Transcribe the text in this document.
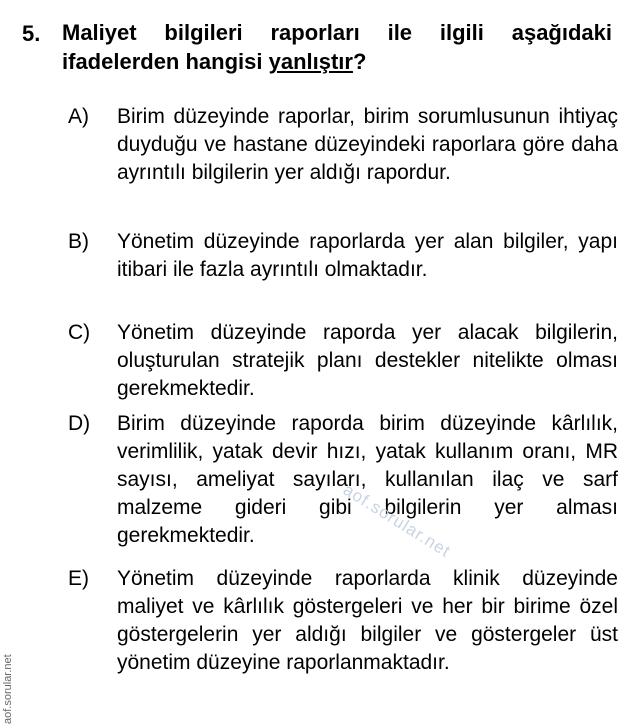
5. Maliyet bilgileri raporları ile ilgili aşağıdaki ifadelerden hangisi yanlıştır?
A) Birim düzeyinde raporlar, birim sorumlusunun ihtiyaç duyduğu ve hastane düzeyindeki raporlara göre daha ayrıntılı bilgilerin yer aldığı rapordur.
B) Yönetim düzeyinde raporlarda yer alan bilgiler, yapı itibari ile fazla ayrıntılı olmaktadır.
C) Yönetim düzeyinde raporda yer alacak bilgilerin, oluşturulan stratejik planı destekler nitelikte olması gerekmektedir.
D) Birim düzeyinde raporda birim düzeyinde kârlılık, verimlilik, yatak devir hızı, yatak kullanım oranı, MR sayısı, ameliyat sayıları, kullanılan ilaç ve sarf malzeme gideri gibi bilgilerin yer alması gerekmektedir.
E) Yönetim düzeyinde raporlarda klinik düzeyinde maliyet ve kârlılık göstergeleri ve her bir birime özel göstergelerin yer aldığı bilgiler ve göstergeler üst yönetim düzeyine raporlanmaktadır.
aof.sorular.net
aof.sorular.net
